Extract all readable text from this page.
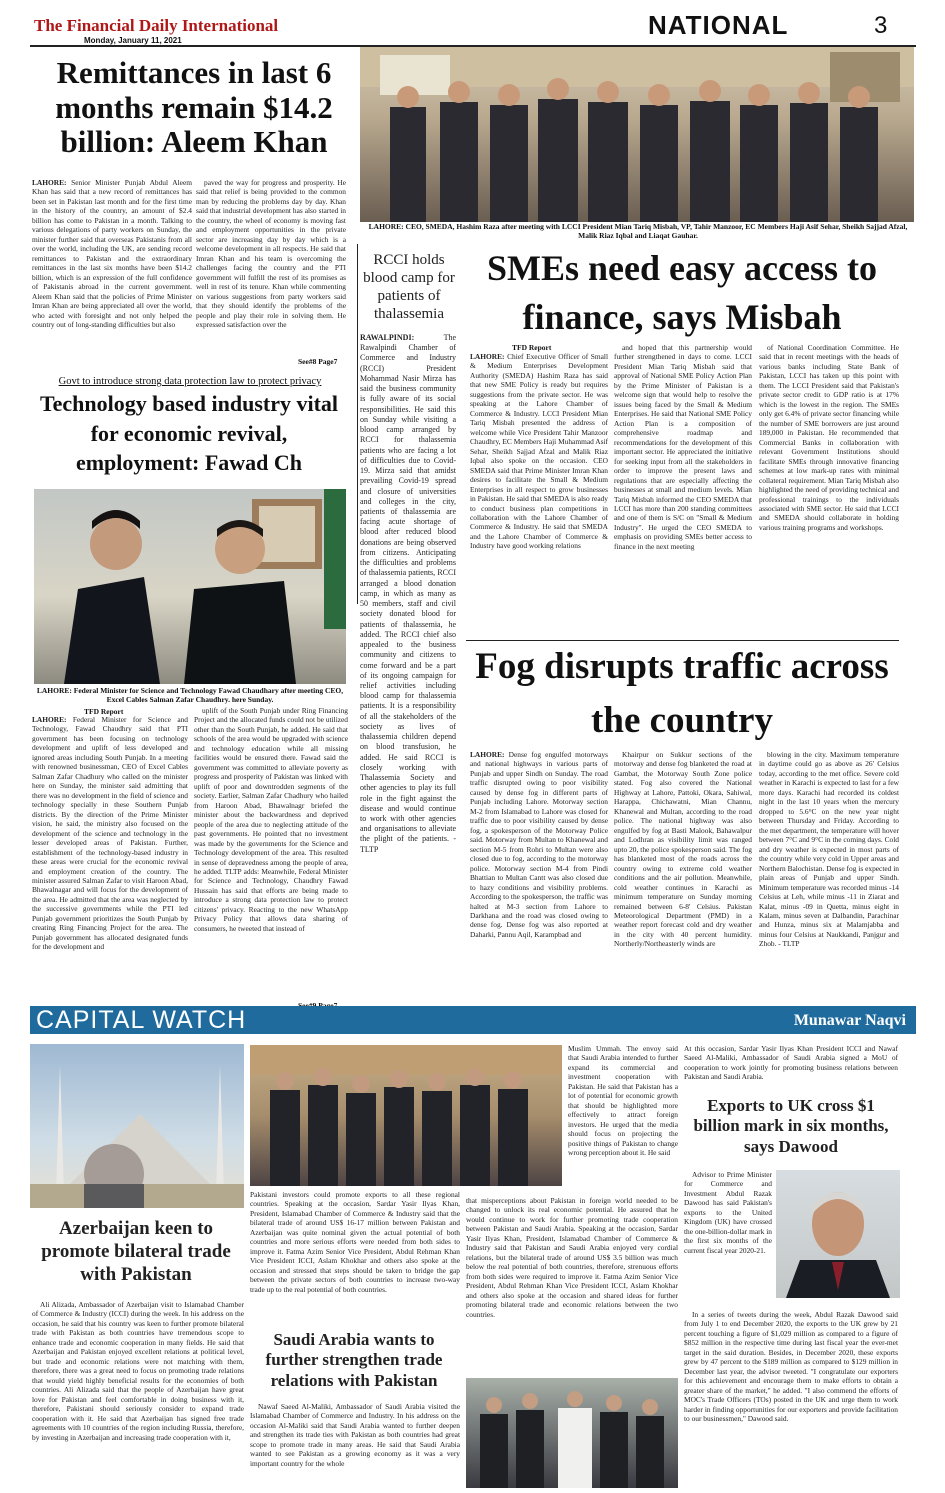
The Financial Daily International
Monday, January 11, 2021
NATIONAL	3
Remittances in last 6 months remain $14.2 billion: Aleem Khan

LAHORE: Senior Minister Punjab Abdul Aleem Khan has said that a new record of remittances has been set in Pakistan last month and for the first time in the history of the country, an amount of $2.4 billion has come to Pakistan in a month. Talking to various delegations of party workers on Sunday, the minister further said that overseas Pakistanis from all over the world, including the UK, are sending record remittances to Pakistan and the extraordinary remittances in the last six months have been $14.2 billion, which is an expression of the full confidence of Pakistanis abroad in the current government. Aleem Khan said that the policies of Prime Minister Imran Khan are being appreciated all over the world, who acted with foresight and not only helped the country out of long-standing difficulties but also

paved the way for progress and prosperity. He said that relief is being provided to the common man by reducing the problems day by day. Khan said that industrial development has also started in the country, the wheel of economy is moving fast and employment opportunities in the private sector are increasing day by day which is a welcome development in all respects. He said that Imran Khan and his team is overcoming the challenges facing the country and the PTI government will fulfill the rest of its promises as well in rest of its tenure. Khan while commenting on various suggestions from party workers said that they should identify the problems of the people and play their role in solving them. He expressed satisfaction over the

See#8 Page7
LAHORE: CEO, SMEDA, Hashim Raza after meeting with LCCI President Mian Tariq Misbah, VP, Tahir Manzoor, EC Members Haji Asif Sehar, Sheikh Sajjad Afzal, Malik Riaz Iqbal and Liaqat Gauhar.
RCCI holds blood camp for patients of thalassemia

RAWALPINDI:	The Rawalpindi Chamber of Commerce and Industry (RCCI) President Mohammad Nasir Mirza has said the business community is fully aware of its social responsibilities. He said this on Sunday while visiting a blood camp arranged by RCCI for thalassemia patients who are facing a lot of difficulties due to Covid-19. Mirza said that amidst prevailing Covid-19 spread and closure of universities and colleges in the city, patients of thalassemia are facing acute shortage of blood after reduced blood donations are being observed from citizens. Anticipating the difficulties and problems of thalassemia patients, RCCI arranged a blood donation camp, in which as many as 50 members, staff and civil society donated blood for patients of thalassemia, he added. The RCCI chief also appealed to the business community and citizens to come forward and be a part of its ongoing campaign for relief activities including blood camp for thalassemia patients. It is a responsibility of all the stakeholders of the society as lives of thalassemia children depend on blood transfusion, he added. He said RCCI is closely working with Thalassemia Society and other agencies to play its full role in the fight against the disease and would continue to work with other agencies and organisations to alleviate the plight of the patients. - TLTP

SMEs need easy access to finance, says Misbah
TFD Report

LAHORE: Chief Executive Officer of Small & Medium Enterprises Development Authority (SMEDA) Hashim Raza has said that new SME Policy is ready but requires suggestions from the private sector. He was speaking at the Lahore Chamber of Commerce & Industry. LCCI President Mian Tariq Misbah presented the address of welcome while Vice President Tahir Manzoor Chaudhry, EC Members Haji Muhammad Asif Sehar, Sheikh Sajjad Afzal and Malik Riaz Iqbal also spoke on the occasion. CEO SMEDA said that Prime Minister Imran Khan desires to facilitate the Small & Medium Enterprises in all respect to grow businesses in Pakistan. He said that SMEDA is also ready to conduct business plan competitions in collaboration with the Lahore Chamber of Commerce & Industry. He said that SMEDA and the Lahore Chamber of Commerce & Industry have good working relations

and hoped that this partnership would further strengthened in days to come. LCCI President Mian Tariq Misbah said that approval of National SME Policy Action Plan by the Prime Minister of Pakistan is a welcome sign that would help to resolve the issues being faced by the Small & Medium Enterprises. He said that National SME Policy Action Plan is a composition of comprehensive roadmap and recommendations for the development of this important sector. He appreciated the initiative for seeking input from all the stakeholders in order to improve the present laws and regulations that are especially affecting the businesses at small and medium levels. Mian Tariq Misbah informed the CEO SMEDA that LCCI has more than 200 standing committees and one of them is S/C on "Small & Medium Industry". He urged the CEO SMEDA to emphasis on providing SMEs better access to finance in the next meeting

of National Coordination Committee. He said that in recent meetings with the heads of various banks including State Bank of Pakistan, LCCI has taken up this point with them. The LCCI President said that Pakistan's private sector credit to GDP ratio is at 17% which is the lowest in the region. The SMEs only get 6.4% of private sector financing while the number of SME borrowers are just around 189,000 in Pakistan. He recommended that Commercial Banks in collaboration with relevant Government Institutions should facilitate SMEs through innovative financing schemes at low mark-up rates with minimal collateral requirement. Mian Tariq Misbah also highlighted the need of providing technical and professional trainings to the individuals associated with SME sector. He said that LCCI and SMEDA should collaborate in holding various training programs and workshops.

Govt to introduce strong data protection law to protect privacy
Technology based industry vital for economic revival, employment: Fawad Ch
LAHORE: Federal Minister for Science and Technology Fawad Chaudhary after meeting CEO, Excel Cables Salman Zafar Chaudhry. here Sunday.
TFD Report

LAHORE: Federal Minister for Science and Technology, Fawad Chaudhry said that PTI government has been focusing on technology development and uplift of less developed and ignored areas including South Punjab. In a meeting with renowned businessman, CEO of Excel Cables Salman Zafar Chadhury who called on the minister here on Sunday, the minister said admitting that there was no development in the field of science and technology specially in these Southern Punjab districts. By the direction of the Prime Minister vision, he said, the ministry also focused on the development of the science and technology in the lesser developed areas of Pakistan. Further, establishment of the technology-based industry in these areas were crucial for the economic revival and employment creation of the country. The minister assured Salman Zafar to visit Haroon Abad, Bhawalnagar and will focus for the development of the area. He admitted that the area was neglected by the successive governments while the PTI led Punjab government prioritizes the South Punjab by creating Ring Financing Project for the area. The Punjab government has allocated designated funds for the development and

uplift of the South Punjab under Ring Financing Project and the allocated funds could not be utilized other than the South Punjab, he added. He said that schools of the area would be upgraded with science and technology education while all missing facilities would be ensured there. Fawad said the government was committed to alleviate poverty as progress and prosperity of Pakistan was linked with uplift of poor and downtrodden segments of the society. Earlier, Salman Zafar Chadhury who hailed from Haroon Abad, Bhawalnagr briefed the minister about the backwardness and deprived people of the area due to neglecting attitude of the past governments. He pointed that no investment was made by the governments for the Science and Technology development of the area. This resulted in sense of depravedness among the people of area, he added. TLTP adds: Meanwhile, Federal Minister for Science and Technology, Chaudhry Fawad Hussain has said that efforts are being made to introduce a strong data protection law to protect citizens' privacy. Reacting to the new WhatsApp Privacy Policy that allows data sharing of consumers, he tweeted that instead of

Fog disrupts traffic across the country

LAHORE: Dense fog engulfed motorways and national highways in various parts of Punjab and upper Sindh on Sunday. The road traffic disrupted owing to poor visibility caused by dense fog in different parts of Punjab including Lahore. Motorway section M-2 from Islamabad to Lahore was closed for traffic due to poor visibility caused by dense fog, a spokesperson of the Motorway Police said. Motorway from Multan to Khanewal and section M-5 from Rohri to Multan were also closed due to fog, according to the motorway police. Motorway section M-4 from Pindi Bhattian to Multan Cantt was also closed due to hazy conditions and visibility problems. According to the spokesperson, the traffic was halted at M-3 section from Lahore to Darkhana and the road was closed owing to dense fog. Dense fog was also reported at Daharki, Pannu Aqil, Karampbad and

Khairpur on Sukkur sections of the motorway and dense fog blanketed the road at Gambat, the Motorway South Zone police stated. Fog also covered the National Highway at Lahore, Pattoki, Okara, Sahiwal, Harappa, Chichawatni, Mian Channu, Khanewal and Multan, according to the road police. The national highway was also engulfed by fog at Basti Malook, Bahawalpur and Lodhran as visibility limit was ranged upto 20, the police spokesperson said. The fog has blanketed most of the roads across the country owing to extreme cold weather conditions and the air pollution. Meanwhile, cold weather continues in Karachi as minimum temperature on Sunday morning remained between 6-8' Celsius. Pakistan Meteorological Department (PMD) in a weather report forecast cold and dry weather in the city with 40 percent humidity. Northerly/Northeasterly winds are

blowing in the city. Maximum temperature in daytime could go as above as 26' Celsius today, according to the met office. Severe cold weather in Karachi is expected to last for a few more days. Karachi had recorded its coldest night in the last 10 years when the mercury dropped to 5.6°C on the new year night between Thursday and Friday. According to the met department, the temperature will hover between 7°C and 9°C in the coming days. Cold and dry weather is expected in most parts of the country while very cold in Upper areas and Northern Balochistan. Dense fog is expected in plain areas of Punjab and upper Sindh. Minimum temperature was recorded minus -14 Celsius at Leh, while minus -11 in Ziarat and Kalat, minus -09 in Quetta, minus eight in Kalam, minus seven at Dalbandin, Parachinar and Hunza, minus six at Malamjabba and minus four Celsius at Naukkandi, Panjgur and Zhob. - TLTP

CAPITAL WATCH	Munawar Naqvi
Azerbaijan keen to promote bilateral trade with Pakistan

Ali Alizada, Ambassador of Azerbaijan visit to Islamabad Chamber of Commerce & Industry (ICCI) during the week. In his address on the occasion, he said that his country was keen to further promote bilateral trade with Pakistan as both countries have tremendous scope to enhance trade and economic cooperation in many fields. He said that Azerbaijan and Pakistan enjoyed excellent relations at political level, but trade and economic relations were not matching with them, therefore, there was a great need to focus on promoting trade relations that would yield highly beneficial results for the economies of both countries. Ali Alizada said that the people of Azerbaijan have great love for Pakistan and feel comfortable in doing business with it, therefore, Pakistani should seriously consider to expand trade cooperation with it. He said that Azerbaijan has signed free trade agreements with 10 countries of the region including Russia, therefore, by investing in Azerbaijan and increasing trade cooperation with it,

Muslim Ummah. The envoy said that Saudi Arabia intended to further expand its commercial and investment cooperation with Pakistan. He said that Pakistan has a lot of potential for economic growth that should be highlighted more effectively to attract foreign investors. He urged that the media should focus on projecting the positive things of Pakistan to change wrong perception about it. He said

Pakistani investors could promote exports to all these regional countries. Speaking at the occasion, Sardar Yasir Ilyas Khan, President, Islamabad Chamber of Commerce & Industry said that the bilateral trade of around US$ 16-17 million between Pakistan and Azerbaijan was quite nominal given the actual potential of both countries and more serious efforts were needed from both sides to improve it. Fatma Azim Senior Vice President, Abdul Rehman Khan Vice President ICCI, Aslam Khokhar and others also spoke at the occasion and stressed that steps should be taken to bridge the gap between the private sectors of both countries to increase two-way trade up to the real potential of both countries.

that misperceptions about Pakistan in foreign world needed to be changed to unlock its real economic potential. He assured that he would continue to work for further promoting trade cooperation between Pakistan and Saudi Arabia. Speaking at the occasion, Sardar Yasir Ilyas Khan, President, Islamabad Chamber of Commerce & Industry said that Pakistan and Saudi Arabia enjoyed very cordial relations, but the bilateral trade of around US$ 3.5 billion was much below the real potential of both countries, therefore, strenuous efforts from both sides were required to improve it. Fatma Azim Senior Vice President, Abdul Rehman Khan Vice President ICCI, Aslam Khokhar and others also spoke at the occasion and shared ideas for further promoting bilateral trade and economic relations between the two countries.

Saudi Arabia wants to further strengthen trade relations with Pakistan

Nawaf Saeed Al-Maliki, Ambassador of Saudi Arabia visited the Islamabad Chamber of Commerce and Industry. In his address on the occasion Al-Maliki said that Saudi Arabia wanted to further deepen and strengthen its trade ties with Pakistan as both countries had great scope to promote trade in many areas. He said that Saudi Arabia wanted to see Pakistan as a growing economy as it was a very important country for the whole

At this occasion, Sardar Yasir Ilyas Khan President ICCI and Nawaf Saeed Al-Maliki, Ambassador of Saudi Arabia signed a MoU of cooperation to work jointly for promoting business relations between Pakistan and Saudi Arabia.

Exports to UK cross $1 billion mark in six months, says Dawood

Advisor to Prime Minister for Commerce and Investment Abdul Razak Dawood has said Pakistan's exports to the United Kingdom (UK) have crossed the one-billion-dollar mark in the first six months of the current fiscal year 2020-21.

In a series of tweets during the week, Abdul Razak Dawood said from July 1 to end December 2020, the exports to the UK grew by 21 percent touching a figure of $1,029 million as compared to a figure of $852 million in the respective time during last fiscal year the ever-met target in the said duration. Besides, in December 2020, these exports grew by 47 percent to the $189 million as compared to $129 million in December last year, the advisor tweeted. "I congratulate our exporters for this achievement and encourage them to make efforts to obtain a greater share of the market," he added. "I also commend the efforts of MOC's Trade Officers (TOs) posted in the UK and urge them to work harder in finding opportunities for our exporters and provide facilitation to our businessmen," Dawood said.
